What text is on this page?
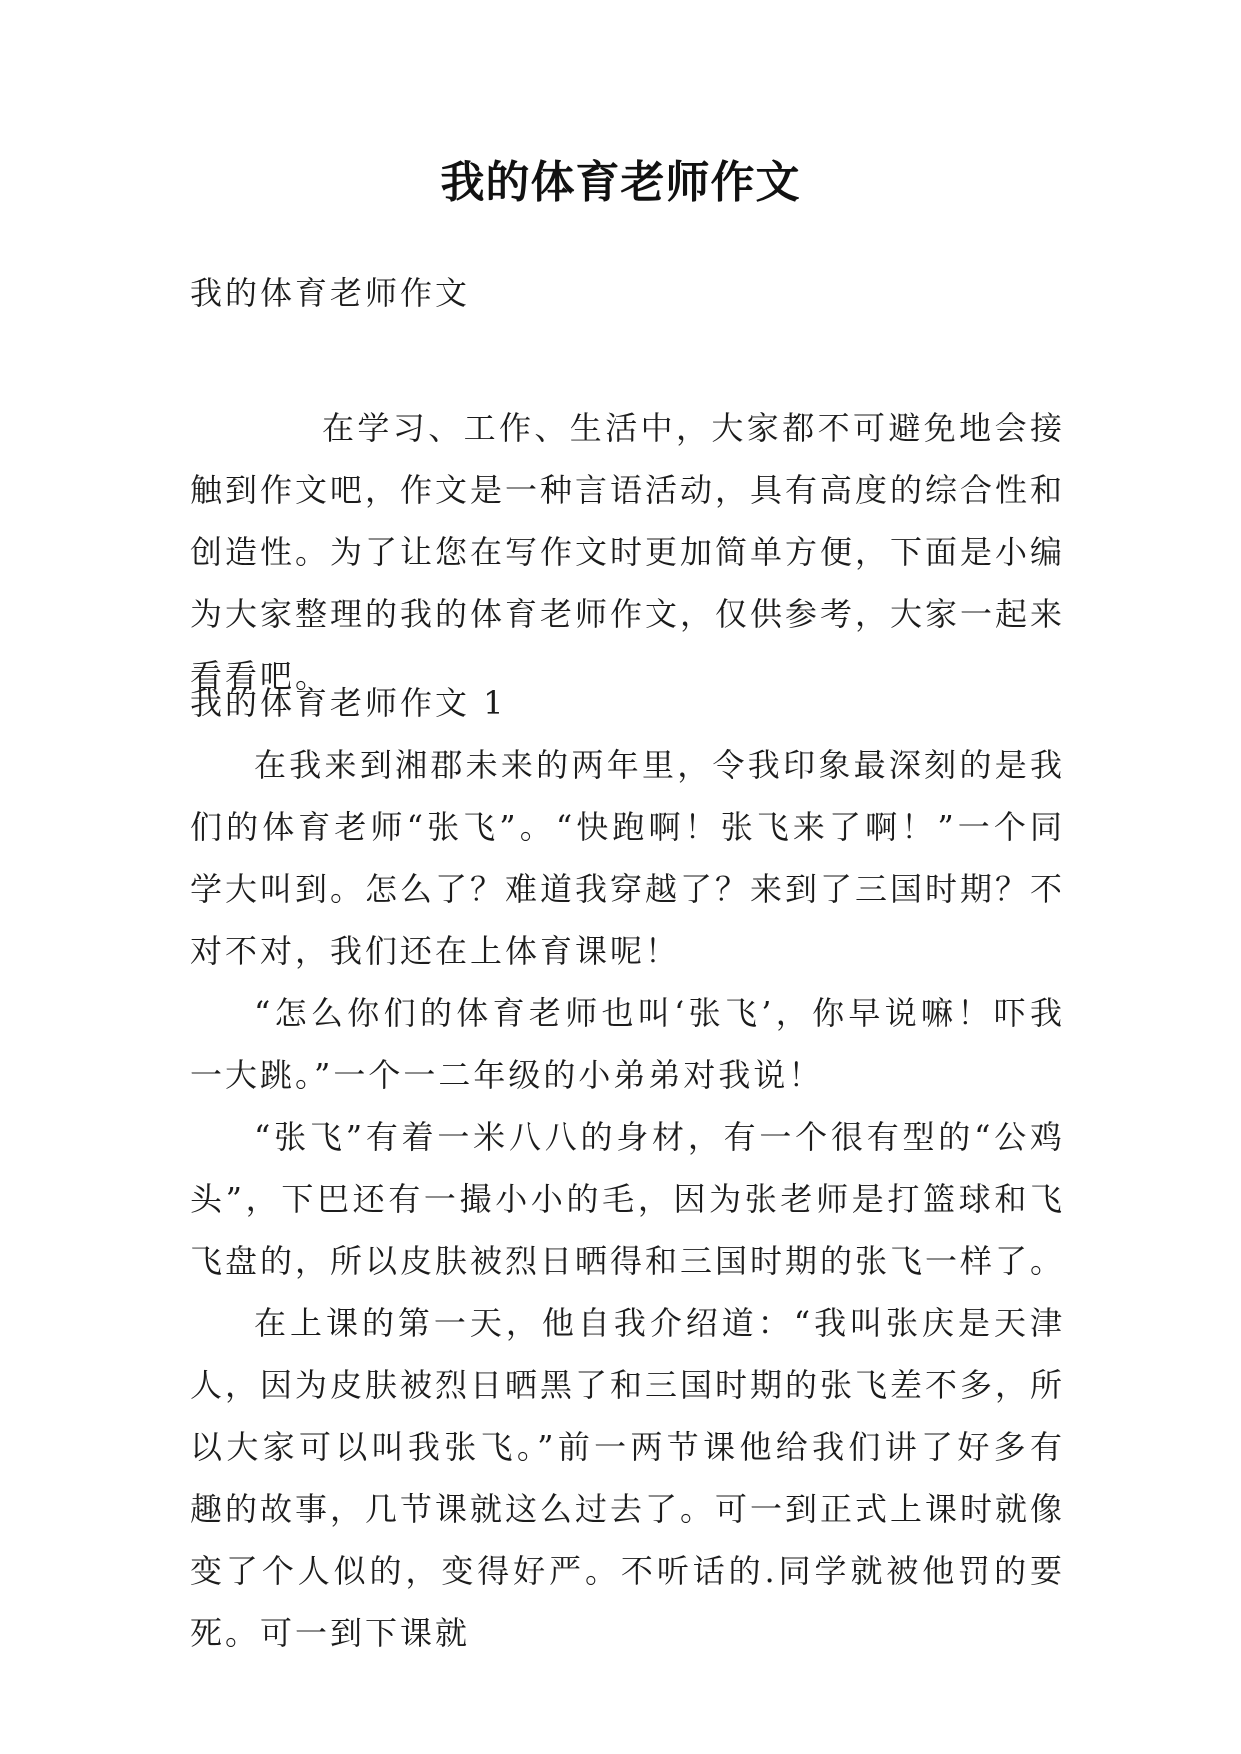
我的体育老师作文

我的体育老师作文

在学习、工作、生活中，大家都不可避免地会接触到作文吧，作文是一种言语活动，具有高度的综合性和创造性。为了让您在写作文时更加简单方便，下面是小编为大家整理的我的体育老师作文，仅供参考，大家一起来看看吧。

我的体育老师作文 1

在我来到湘郡未来的两年里，令我印象最深刻的是我们的体育老师“张飞”。“快跑啊！张飞来了啊！”一个同学大叫到。怎么了？难道我穿越了？来到了三国时期？不对不对，我们还在上体育课呢！

“怎么你们的体育老师也叫‘张飞’，你早说嘛！吓我一大跳。”一个一二年级的小弟弟对我说！

“张飞”有着一米八八的身材，有一个很有型的“公鸡头”，下巴还有一撮小小的毛，因为张老师是打篮球和飞飞盘的，所以皮肤被烈日晒得和三国时期的张飞一样了。

在上课的第一天，他自我介绍道：“我叫张庆是天津人，因为皮肤被烈日晒黑了和三国时期的张飞差不多，所以大家可以叫我张飞。”前一两节课他给我们讲了好多有趣的故事，几节课就这么过去了。可一到正式上课时就像变了个人似的，变得好严。不听话的.同学就被他罚的要死。可一到下课就
